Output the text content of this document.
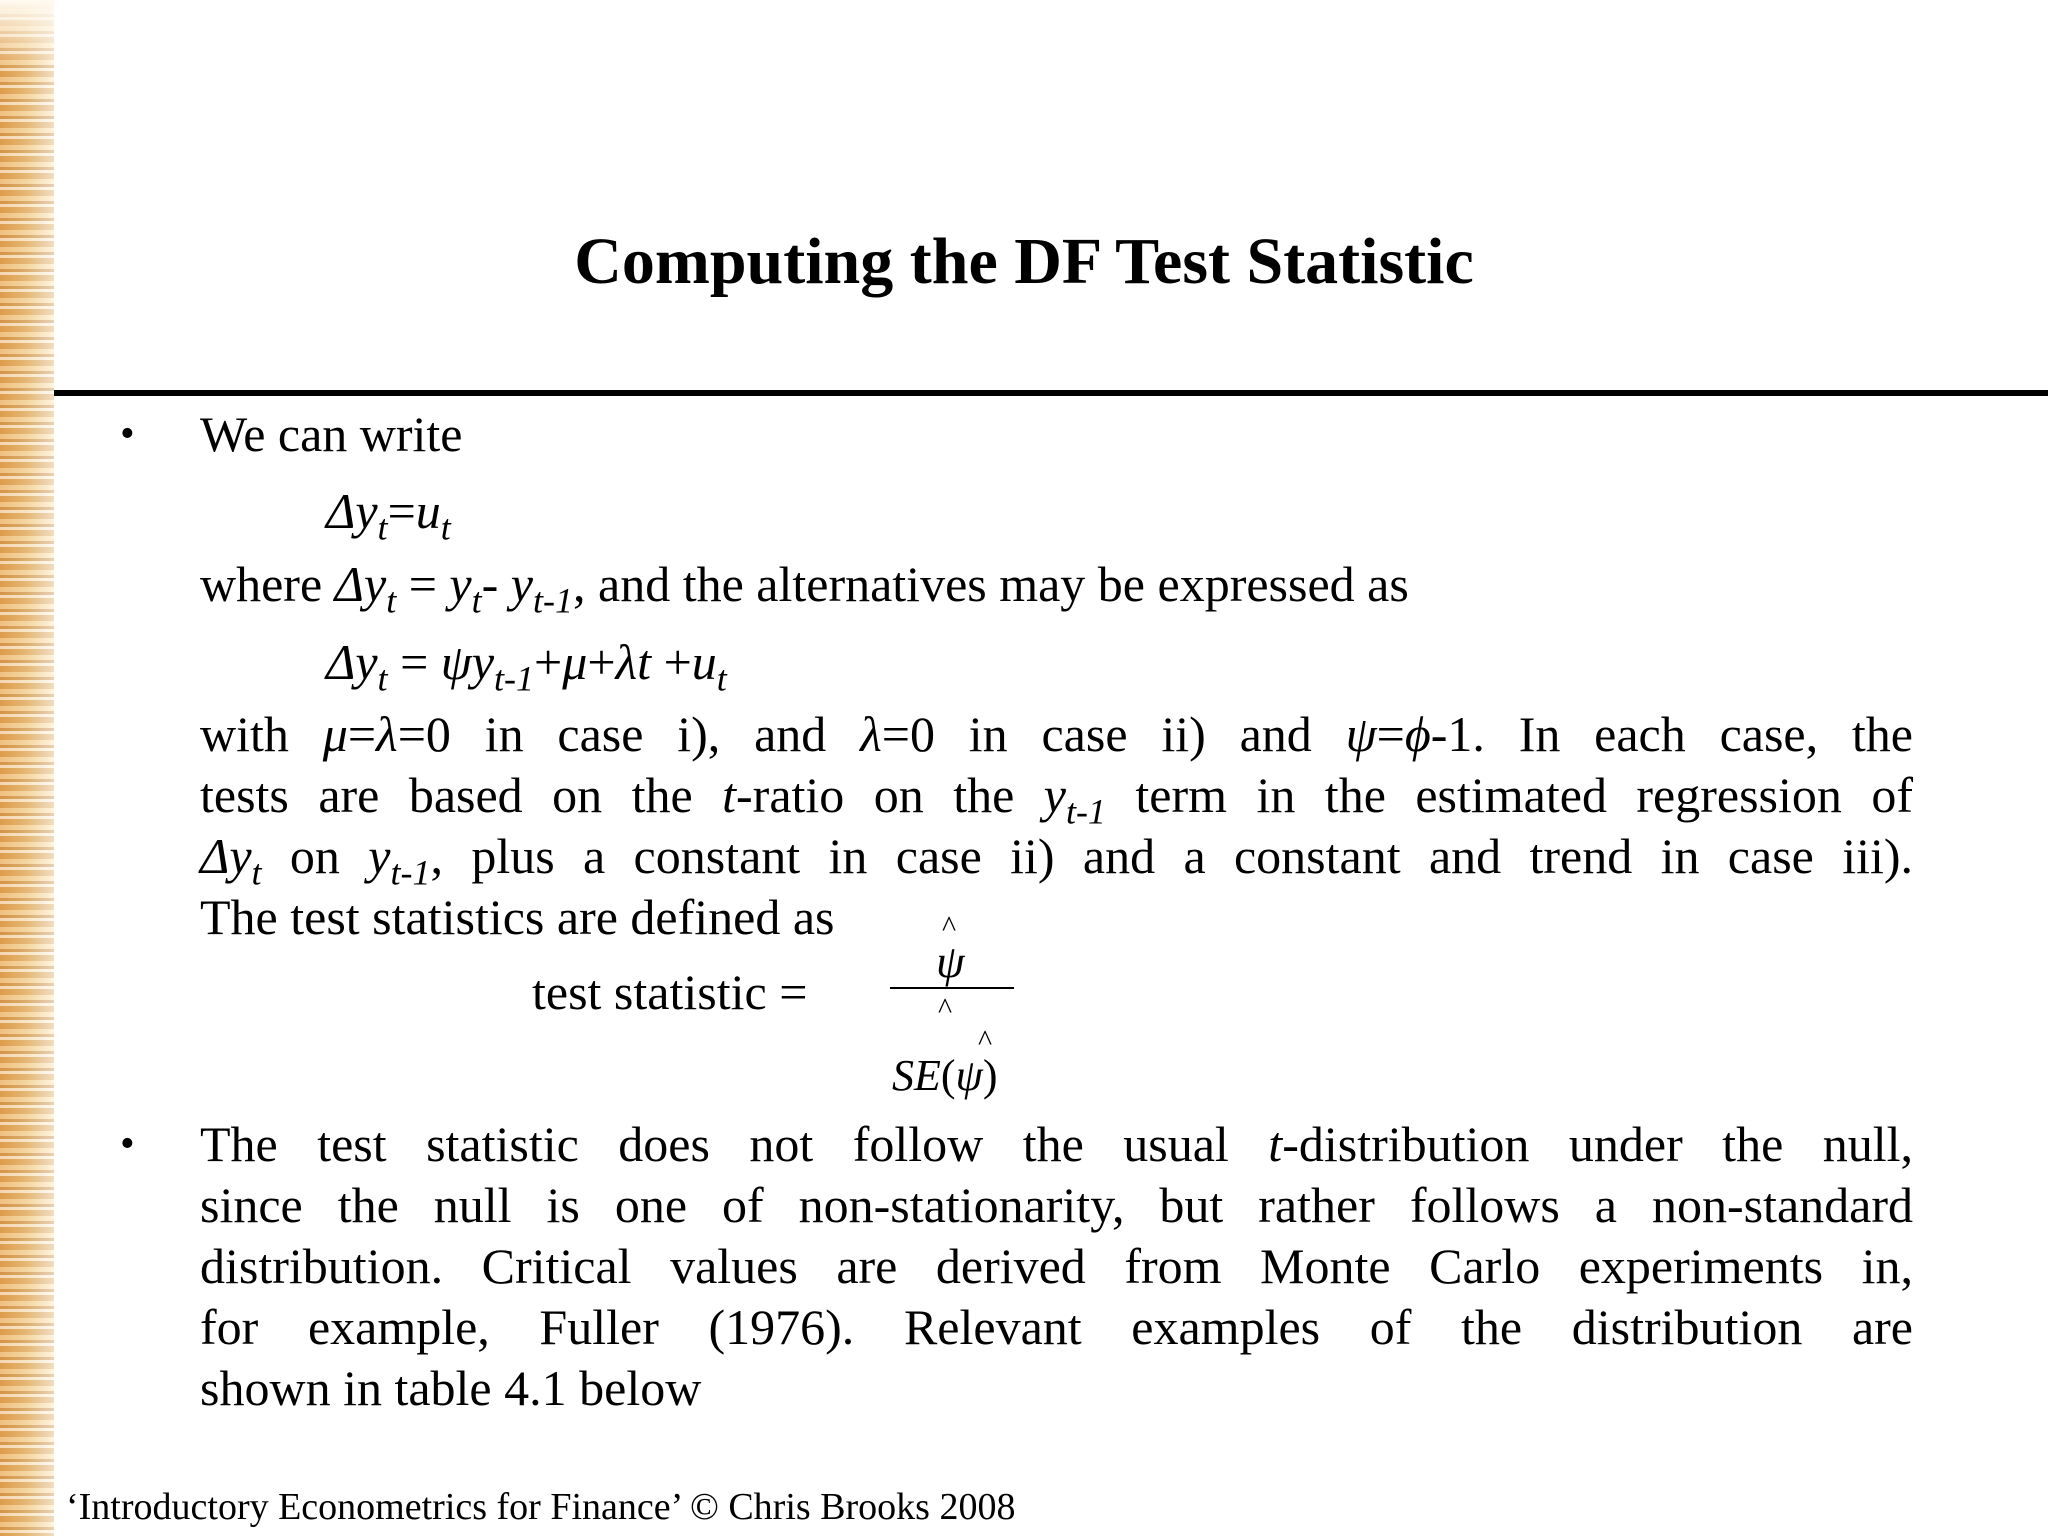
Computing the DF Test Statistic
• We can write
$\Delta y_t=u_t$
where $\Delta y_t = y_t-$ $y_{t-1}$, and the alternatives may be expressed as
$\Delta y_t = \psi y_{t-1}+\mu+\lambda t +u_t$
with μ=λ=0 in case i), and λ=0 in case ii) and ψ=ϕ-1. In each case, the
tests are based on the t-ratio on the $y_{t-1}$ term in the estimated regression of
$\Delta y_t$ on $y_{t-1}$, plus a constant in case ii) and a constant and trend in case iii).
The test statistics are defined as
test statistic =
^
ψ
^
^
SE(ψ)
• The test statistic does not follow the usual t-distribution under the null,
since the null is one of non-stationarity, but rather follows a non-standard
distribution. Critical values are derived from Monte Carlo experiments in,
for example, Fuller (1976). Relevant examples of the distribution are
shown in table 4.1 below
‘Introductory Econometrics for Finance’ © Chris Brooks 2008
